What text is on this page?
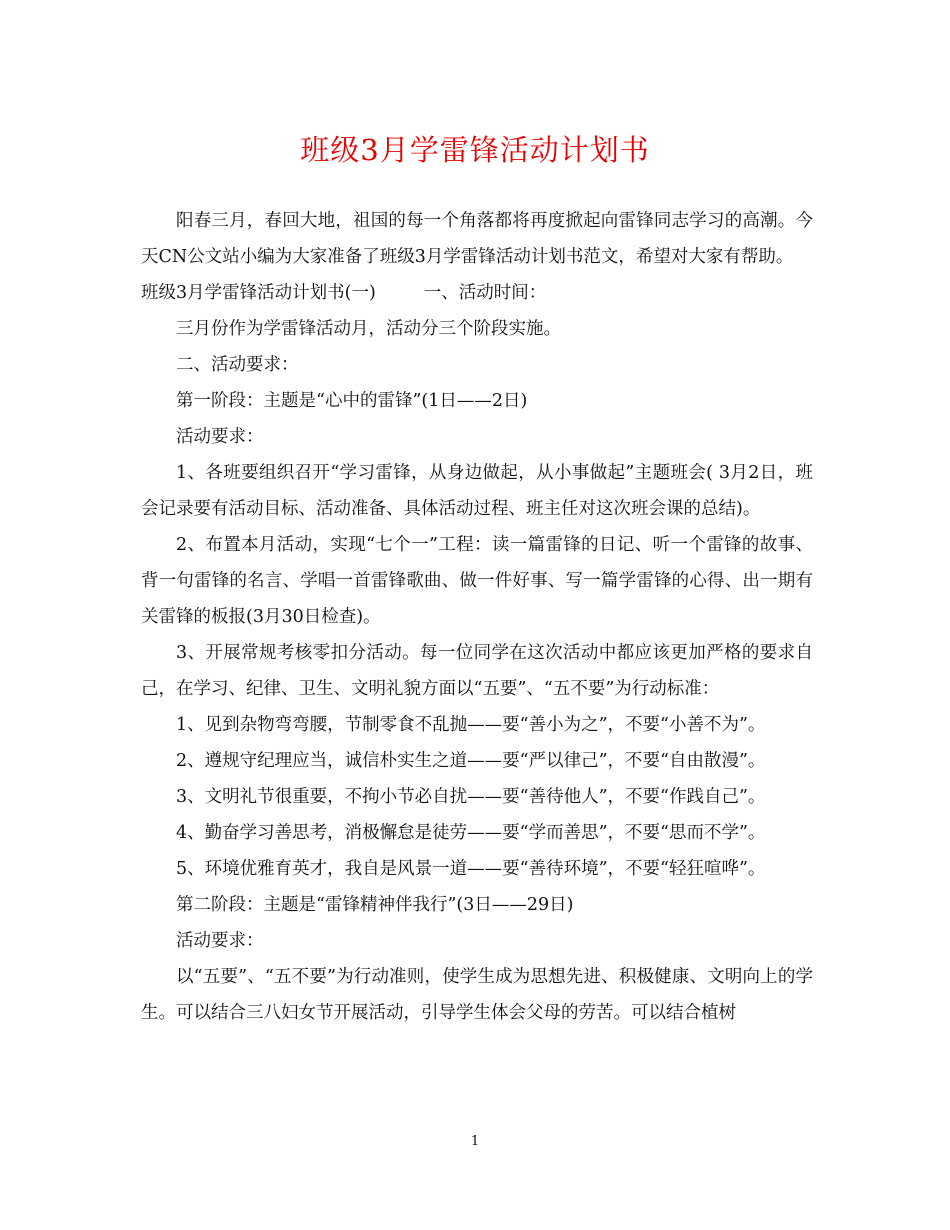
班级3月学雷锋活动计划书

阳春三月，春回大地，祖国的每一个角落都将再度掀起向雷锋同志学习的高潮。今天CN公文站小编为大家准备了班级3月学雷锋活动计划书范文，希望对大家有帮助。

班级3月学雷锋活动计划书(一)	一、活动时间：

三月份作为学雷锋活动月，活动分三个阶段实施。

二、活动要求：

第一阶段：主题是“心中的雷锋”(1日——2日)

活动要求：

1、各班要组织召开“学习雷锋，从身边做起，从小事做起”主题班会( 3月2日，班会记录要有活动目标、活动准备、具体活动过程、班主任对这次班会课的总结)。

2、布置本月活动，实现“七个一”工程：读一篇雷锋的日记、听一个雷锋的故事、背一句雷锋的名言、学唱一首雷锋歌曲、做一件好事、写一篇学雷锋的心得、出一期有关雷锋的板报(3月30日检查)。

3、开展常规考核零扣分活动。每一位同学在这次活动中都应该更加严格的要求自己，在学习、纪律、卫生、文明礼貌方面以“五要”、“五不要”为行动标准：

1、见到杂物弯弯腰，节制零食不乱抛——要“善小为之”，不要“小善不为”。

2、遵规守纪理应当，诚信朴实生之道——要“严以律己”，不要“自由散漫”。

3、文明礼节很重要，不拘小节必自扰——要“善待他人”，不要“作践自己”。

4、勤奋学习善思考，消极懈怠是徒劳——要“学而善思”，不要“思而不学”。

5、环境优雅育英才，我自是风景一道——要“善待环境”，不要“轻狂喧哗”。

第二阶段：主题是“雷锋精神伴我行”(3日——29日)

活动要求：

以“五要”、“五不要”为行动准则，使学生成为思想先进、积极健康、文明向上的学生。可以结合三八妇女节开展活动，引导学生体会父母的劳苦。可以结合植树

1
